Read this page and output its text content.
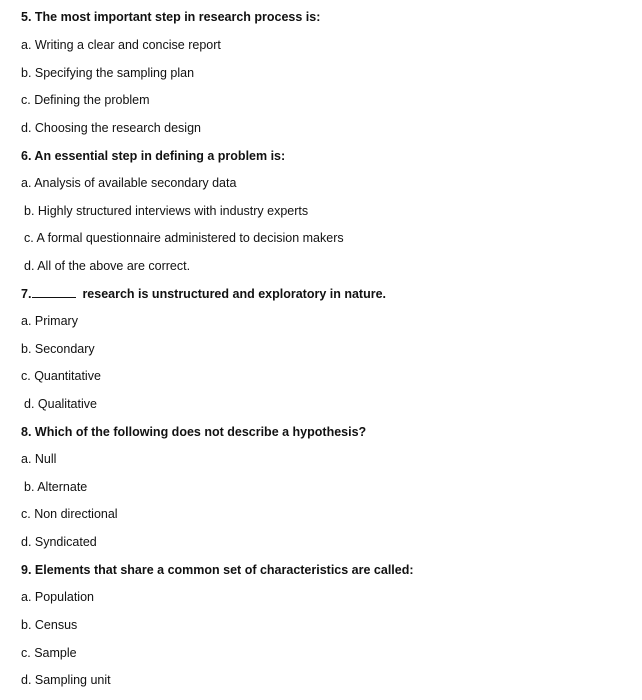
5. The most important step in research process is:
a. Writing a clear and concise report
b. Specifying the sampling plan
c. Defining the problem
d. Choosing the research design
6. An essential step in defining a problem is:
a. Analysis of available secondary data
b. Highly structured interviews with industry experts
c. A formal questionnaire administered to decision makers
d. All of the above are correct.
7.	research is unstructured and exploratory in nature.
a. Primary
b. Secondary
c. Quantitative
d. Qualitative
8. Which of the following does not describe a hypothesis?
a. Null
b. Alternate
c. Non directional
d. Syndicated
9. Elements that share a common set of characteristics are called:
a. Population
b. Census
c. Sample
d. Sampling unit
